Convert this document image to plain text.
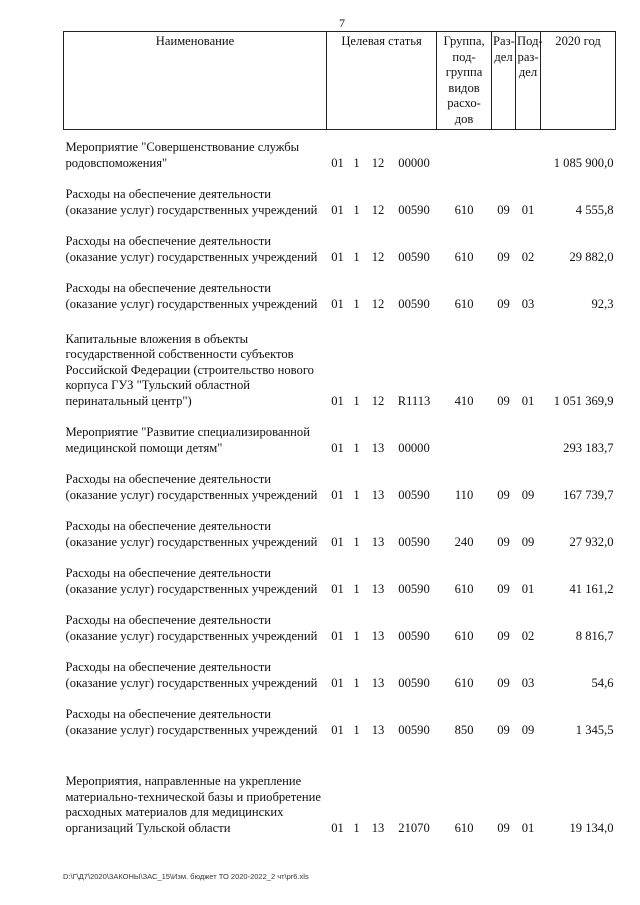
7
Наименование	Целевая статья				Группа, под-группа видов расхо-дов	Раз-дел	Под-раз-дел	2020 год
Мероприятие "Совершенствование службы родовспоможения"	01	1	12	00000				1 085 900,0
Расходы на обеспечение деятельности (оказание услуг) государственных учреждений	01	1	12	00590	610	09	01	4 555,8
Расходы на обеспечение деятельности (оказание услуг) государственных учреждений	01	1	12	00590	610	09	02	29 882,0
Расходы на обеспечение деятельности (оказание услуг) государственных учреждений	01	1	12	00590	610	09	03	92,3
Капитальные вложения в объекты государственной собственности субъектов Российской Федерации (строительство нового корпуса ГУЗ "Тульский областной перинатальный центр")	01	1	12	R1113	410	09	01	1 051 369,9
Мероприятие "Развитие специализированной медицинской помощи детям"	01	1	13	00000				293 183,7
Расходы на обеспечение деятельности (оказание услуг) государственных учреждений	01	1	13	00590	110	09	09	167 739,7
Расходы на обеспечение деятельности (оказание услуг) государственных учреждений	01	1	13	00590	240	09	09	27 932,0
Расходы на обеспечение деятельности (оказание услуг) государственных учреждений	01	1	13	00590	610	09	01	41 161,2
Расходы на обеспечение деятельности (оказание услуг) государственных учреждений	01	1	13	00590	610	09	02	8 816,7
Расходы на обеспечение деятельности (оказание услуг) государственных учреждений	01	1	13	00590	610	09	03	54,6
Расходы на обеспечение деятельности (оказание услуг) государственных учреждений	01	1	13	00590	850	09	09	1 345,5
Мероприятия, направленные на укрепление материально-технической базы и приобретение расходных материалов для медицинских организаций Тульской области	01	1	13	21070	610	09	01	19 134,0
D:\Г\Д7\2020\ЗАКОНЫ\ЗАС_15\Изм. бюджет ТО 2020-2022_2 чт\pr6.xls
